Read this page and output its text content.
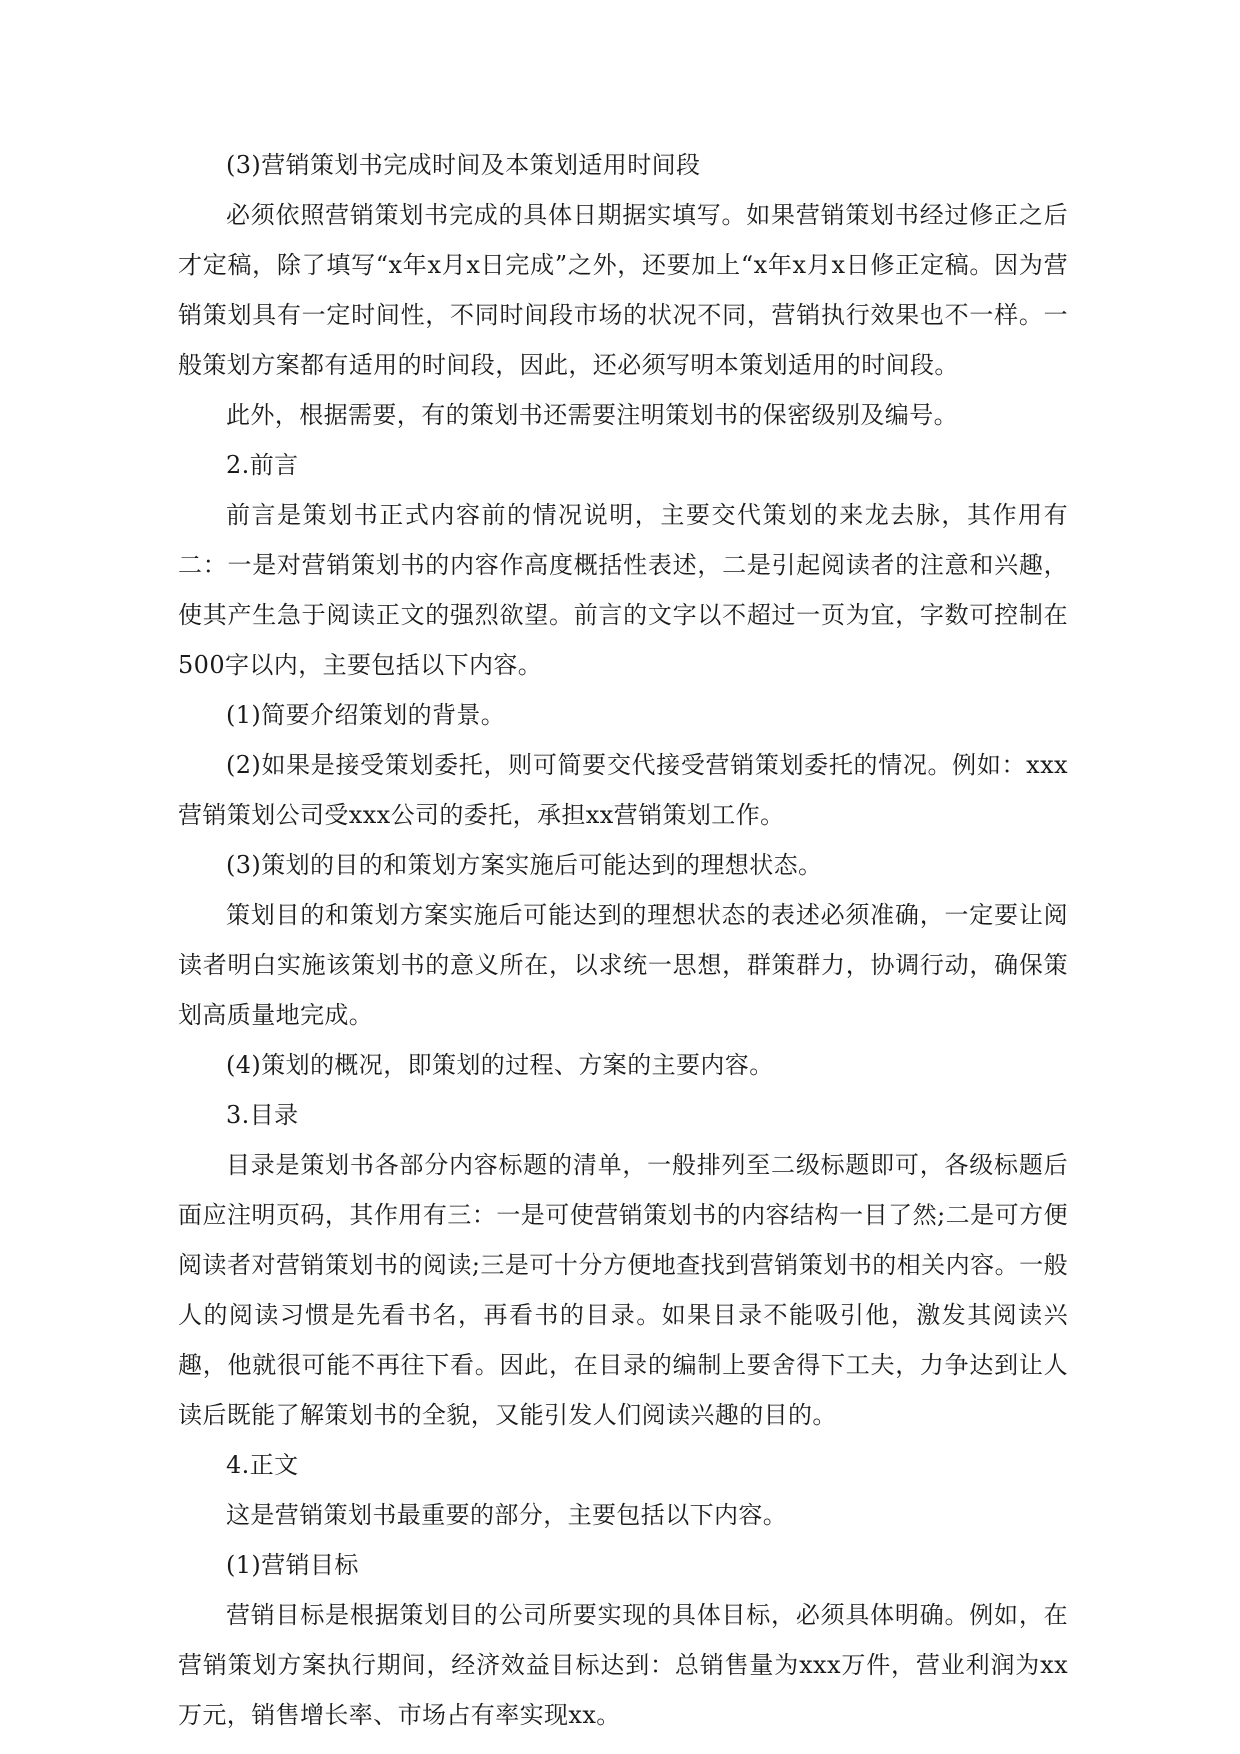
(3)营销策划书完成时间及本策划适用时间段

必须依照营销策划书完成的具体日期据实填写。如果营销策划书经过修正之后才定稿，除了填写“x年x月x日完成”之外，还要加上“x年x月x日修正定稿。因为营销策划具有一定时间性，不同时间段市场的状况不同，营销执行效果也不一样。一般策划方案都有适用的时间段，因此，还必须写明本策划适用的时间段。

此外，根据需要，有的策划书还需要注明策划书的保密级别及编号。

2.前言

前言是策划书正式内容前的情况说明，主要交代策划的来龙去脉，其作用有二：一是对营销策划书的内容作高度概括性表述，二是引起阅读者的注意和兴趣，使其产生急于阅读正文的强烈欲望。前言的文字以不超过一页为宜，字数可控制在500字以内，主要包括以下内容。

(1)简要介绍策划的背景。

(2)如果是接受策划委托，则可简要交代接受营销策划委托的情况。例如：xxx营销策划公司受xxx公司的委托，承担xx营销策划工作。

(3)策划的目的和策划方案实施后可能达到的理想状态。

策划目的和策划方案实施后可能达到的理想状态的表述必须准确，一定要让阅读者明白实施该策划书的意义所在，以求统一思想，群策群力，协调行动，确保策划高质量地完成。

(4)策划的概况，即策划的过程、方案的主要内容。

3.目录

目录是策划书各部分内容标题的清单，一般排列至二级标题即可，各级标题后面应注明页码，其作用有三：一是可使营销策划书的内容结构一目了然;二是可方便阅读者对营销策划书的阅读;三是可十分方便地查找到营销策划书的相关内容。一般人的阅读习惯是先看书名，再看书的目录。如果目录不能吸引他，激发其阅读兴趣，他就很可能不再往下看。因此，在目录的编制上要舍得下工夫，力争达到让人读后既能了解策划书的全貌，又能引发人们阅读兴趣的目的。

4.正文

这是营销策划书最重要的部分，主要包括以下内容。

(1)营销目标

营销目标是根据策划目的公司所要实现的具体目标，必须具体明确。例如，在营销策划方案执行期间，经济效益目标达到：总销售量为xxx万件，营业利润为xx万元，销售增长率、市场占有率实现xx。
